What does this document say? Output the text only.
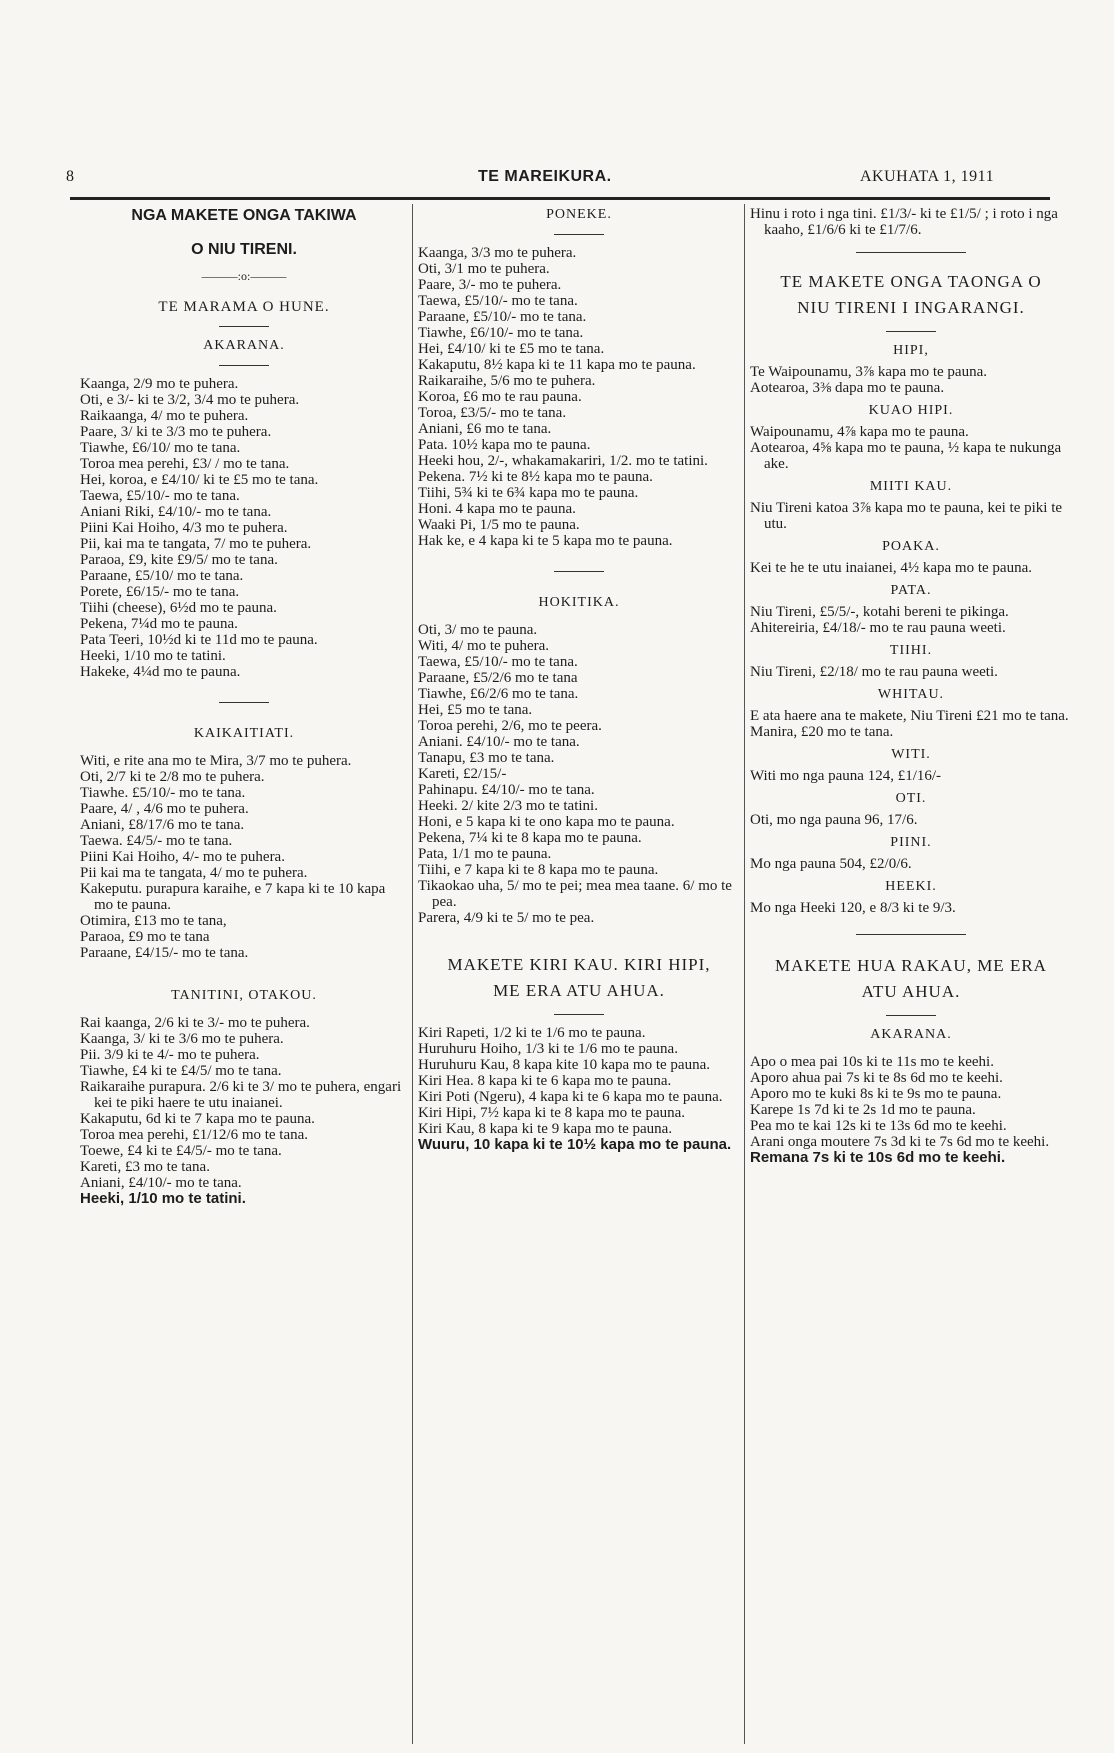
8	TE MAREIKURA.	AKUHATA 1, 1911
NGA MAKETE ONGA TAKIWA
O NIU TIRENI.
———:o:———
TE MARAMA O HUNE.
AKARANA.

Kaanga, 2/9 mo te puhera.

Oti, e 3/- ki te 3/2, 3/4 mo te puhera.

Raikaanga, 4/ mo te puhera.

Paare, 3/ ki te 3/3 mo te puhera.

Tiawhe, £6/10/ mo te tana.

Toroa mea perehi, £3/ / mo te tana.

Hei, koroa, e £4/10/ ki te £5 mo te tana.

Taewa, £5/10/- mo te tana.

Aniani Riki, £4/10/- mo te tana.

Piini Kai Hoiho, 4/3 mo te puhera.

Pii, kai ma te tangata, 7/ mo te puhera.

Paraoa, £9, kite £9/5/ mo te tana.

Paraane, £5/10/ mo te tana.

Porete, £6/15/- mo te tana.

Tiihi (cheese), 6½d mo te pauna.

Pekena, 7¼d mo te pauna.

Pata Teeri, 10½d ki te 11d mo te pauna.

Heeki, 1/10 mo te tatini.

Hakeke, 4¼d mo te pauna.

KAIKAITIATI.

Witi, e rite ana mo te Mira, 3/7 mo te puhera.

Oti, 2/7 ki te 2/8 mo te puhera.

Tiawhe. £5/10/- mo te tana.

Paare, 4/ , 4/6 mo te puhera.

Aniani, £8/17/6 mo te tana.

Taewa. £4/5/- mo te tana.

Piini Kai Hoiho, 4/- mo te puhera.

Pii kai ma te tangata, 4/ mo te puhera.

Kakeputu. purapura karaihe, e 7 kapa ki te 10 kapa mo te pauna.

Otimira, £13 mo te tana,

Paraoa, £9 mo te tana

Paraane, £4/15/- mo te tana.

TANITINI, OTAKOU.

Rai kaanga, 2/6 ki te 3/- mo te puhera.

Kaanga, 3/ ki te 3/6 mo te puhera.

Pii. 3/9 ki te 4/- mo te puhera.

Tiawhe, £4 ki te £4/5/ mo te tana.

Raikaraihe purapura. 2/6 ki te 3/ mo te puhera, engari kei te piki haere te utu inaianei.

Kakaputu, 6d ki te 7 kapa mo te pauna.

Toroa mea perehi, £1/12/6 mo te tana.

Toewe, £4 ki te £4/5/- mo te tana.

Kareti, £3 mo te tana.

Aniani, £4/10/- mo te tana.

Heeki, 1/10 mo te tatini.

PONEKE.

Kaanga, 3/3 mo te puhera.

Oti, 3/1 mo te puhera.

Paare, 3/- mo te puhera.

Taewa, £5/10/- mo te tana.

Paraane, £5/10/- mo te tana.

Tiawhe, £6/10/- mo te tana.

Hei, £4/10/ ki te £5 mo te tana.

Kakaputu, 8½ kapa ki te 11 kapa mo te pauna.

Raikaraihe, 5/6 mo te puhera.

Koroa, £6 mo te rau pauna.

Toroa, £3/5/- mo te tana.

Aniani, £6 mo te tana.

Pata. 10½ kapa mo te pauna.

Heeki hou, 2/-, whakamakariri, 1/2. mo te tatini.

Pekena. 7½ ki te 8½ kapa mo te pauna.

Tiihi, 5¾ ki te 6¾ kapa mo te pauna.

Honi. 4 kapa mo te pauna.

Waaki Pi, 1/5 mo te pauna.

Hak ke, e 4 kapa ki te 5 kapa mo te pauna.

HOKITIKA.

Oti, 3/ mo te pauna.

Witi, 4/ mo te puhera.

Taewa, £5/10/- mo te tana.

Paraane, £5/2/6 mo te tana

Tiawhe, £6/2/6 mo te tana.

Hei, £5 mo te tana.

Toroa perehi, 2/6, mo te peera.

Aniani. £4/10/- mo te tana.

Tanapu, £3 mo te tana.

Kareti, £2/15/-

Pahinapu. £4/10/- mo te tana.

Heeki. 2/ kite 2/3 mo te tatini.

Honi, e 5 kapa ki te ono kapa mo te pauna.

Pekena, 7¼ ki te 8 kapa mo te pauna.

Pata, 1/1 mo te pauna.

Tiihi, e 7 kapa ki te 8 kapa mo te pauna.

Tikaokao uha, 5/ mo te pei; mea mea taane. 6/ mo te pea.

Parera, 4/9 ki te 5/ mo te pea.

MAKETE KIRI KAU. KIRI HIPI,
ME ERA ATU AHUA.

Kiri Rapeti, 1/2 ki te 1/6 mo te pauna.

Huruhuru Hoiho, 1/3 ki te 1/6 mo te pauna.

Huruhuru Kau, 8 kapa kite 10 kapa mo te pauna.

Kiri Hea. 8 kapa ki te 6 kapa mo te pauna.

Kiri Poti (Ngeru), 4 kapa ki te 6 kapa mo te pauna.

Kiri Hipi, 7½ kapa ki te 8 kapa mo te pauna.

Kiri Kau, 8 kapa ki te 9 kapa mo te pauna.

Wuuru, 10 kapa ki te 10½ kapa mo te pauna.

Hinu i roto i nga tini. £1/3/- ki te £1/5/ ; i roto i nga kaaho, £1/6/6 ki te £1/7/6.

TE MAKETE ONGA TAONGA O
NIU TIRENI I INGARANGI.
HIPI,

Te Waipounamu, 3⅞ kapa mo te pauna.

Aotearoa, 3⅜ dapa mo te pauna.

KUAO HIPI.

Waipounamu, 4⅞ kapa mo te pauna.

Aotearoa, 4⅝ kapa mo te pauna, ½ kapa te nukunga ake.

MIITI KAU.

Niu Tireni katoa 3⅞ kapa mo te pauna, kei te piki te utu.

POAKA.

Kei te he te utu inaianei, 4½ kapa mo te pauna.

PATA.

Niu Tireni, £5/5/-, kotahi bereni te pikinga.

Ahitereiria, £4/18/- mo te rau pauna weeti.

TIIHI.

Niu Tireni, £2/18/ mo te rau pauna weeti.

WHITAU.

E ata haere ana te makete, Niu Tireni £21 mo te tana.

Manira, £20 mo te tana.

WITI.

Witi mo nga pauna 124, £1/16/-

OTI.

Oti, mo nga pauna 96, 17/6.

PIINI.

Mo nga pauna 504, £2/0/6.

HEEKI.

Mo nga Heeki 120, e 8/3 ki te 9/3.

MAKETE HUA RAKAU, ME ERA
ATU AHUA.
AKARANA.

Apo o mea pai 10s ki te 11s mo te keehi.

Aporo ahua pai 7s ki te 8s 6d mo te keehi.

Aporo mo te kuki 8s ki te 9s mo te pauna.

Karepe 1s 7d ki te 2s 1d mo te pauna.

Pea mo te kai 12s ki te 13s 6d mo te keehi.

Arani onga moutere 7s 3d ki te 7s 6d mo te keehi.

Remana 7s ki te 10s 6d mo te keehi.
